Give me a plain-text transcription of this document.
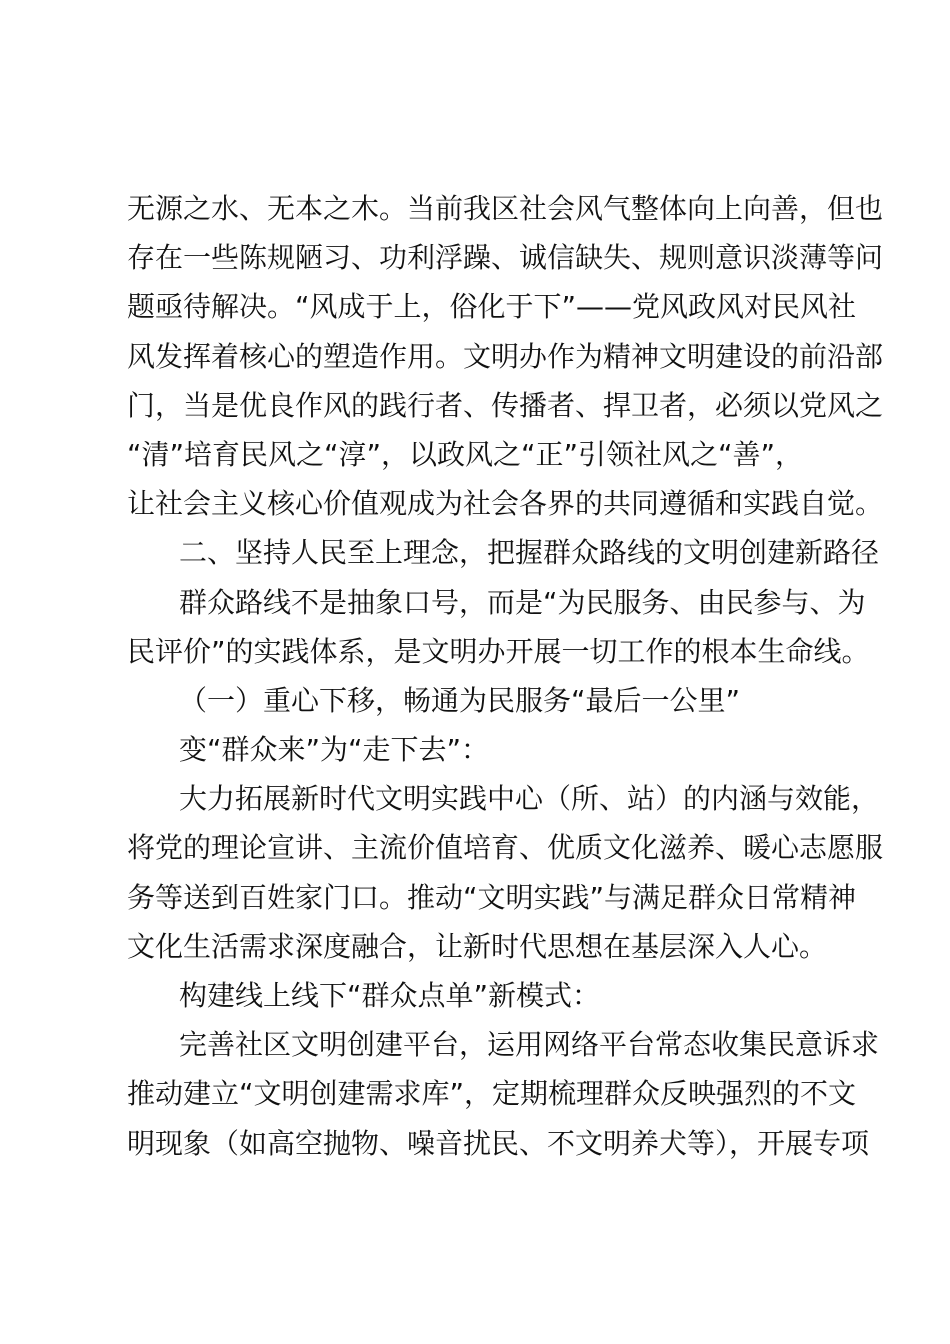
无源之水、无本之木。当前我区社会风气整体向上向善，但也
存在一些陈规陋习、功利浮躁、诚信缺失、规则意识淡薄等问
题亟待解决。“风成于上，俗化于下”——党风政风对民风社
风发挥着核心的塑造作用。文明办作为精神文明建设的前沿部
门，当是优良作风的践行者、传播者、捍卫者，必须以党风之
“清”培育民风之“淳”，以政风之“正”引领社风之“善”，
让社会主义核心价值观成为社会各界的共同遵循和实践自觉。
二、坚持人民至上理念，把握群众路线的文明创建新路径
群众路线不是抽象口号，而是“为民服务、由民参与、为
民评价”的实践体系，是文明办开展一切工作的根本生命线。
（一）重心下移，畅通为民服务“最后一公里”
变“群众来”为“走下去”：
大力拓展新时代文明实践中心（所、站）的内涵与效能，
将党的理论宣讲、主流价值培育、优质文化滋养、暖心志愿服
务等送到百姓家门口。推动“文明实践”与满足群众日常精神
文化生活需求深度融合，让新时代思想在基层深入人心。
构建线上线下“群众点单”新模式：
完善社区文明创建平台，运用网络平台常态收集民意诉求
推动建立“文明创建需求库”，定期梳理群众反映强烈的不文
明现象（如高空抛物、噪音扰民、不文明养犬等），开展专项
